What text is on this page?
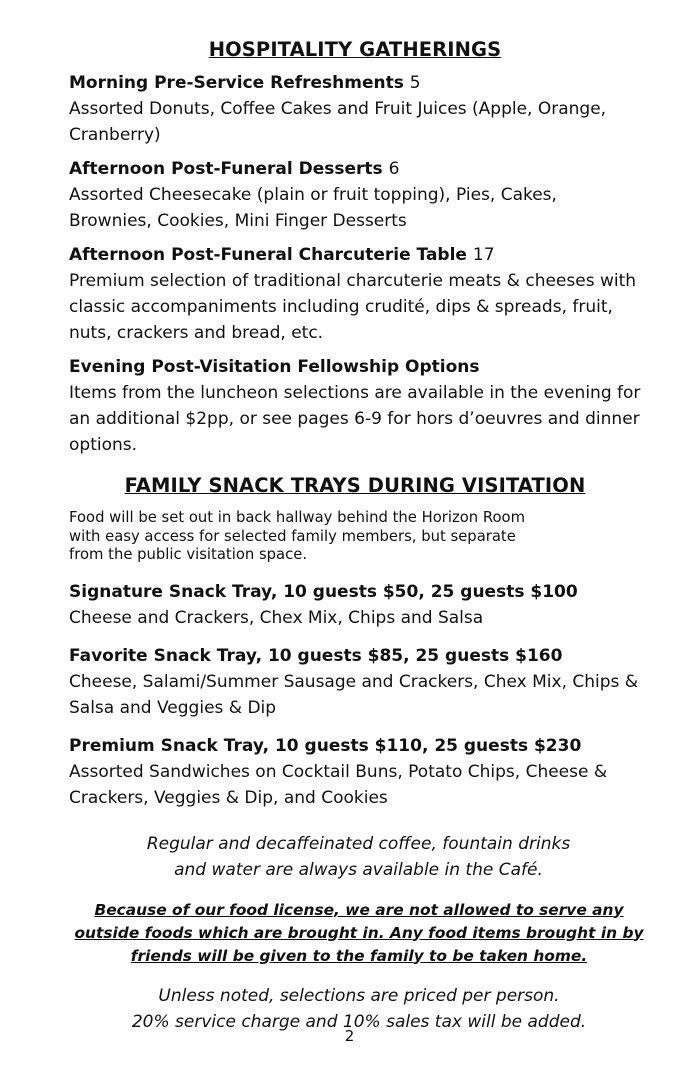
HOSPITALITY GATHERINGS
Morning Pre-Service Refreshments 5
Assorted Donuts, Coffee Cakes and Fruit Juices (Apple, Orange, Cranberry)
Afternoon Post-Funeral Desserts 6
Assorted Cheesecake (plain or fruit topping), Pies, Cakes, Brownies, Cookies, Mini Finger Desserts
Afternoon Post-Funeral Charcuterie Table 17
Premium selection of traditional charcuterie meats & cheeses with classic accompaniments including crudité, dips & spreads, fruit, nuts, crackers and bread, etc.
Evening Post-Visitation Fellowship Options
Items from the luncheon selections are available in the evening for an additional $2pp, or see pages 6-9 for hors d’oeuvres and dinner options.
FAMILY SNACK TRAYS DURING VISITATION
Food will be set out in back hallway behind the Horizon Room
with easy access for selected family members, but separate
from the public visitation space.
Signature Snack Tray, 10 guests $50, 25 guests $100
Cheese and Crackers, Chex Mix, Chips and Salsa
Favorite Snack Tray, 10 guests $85, 25 guests $160
Cheese, Salami/Summer Sausage and Crackers, Chex Mix, Chips & Salsa and Veggies & Dip
Premium Snack Tray, 10 guests $110, 25 guests $230
Assorted Sandwiches on Cocktail Buns, Potato Chips, Cheese & Crackers, Veggies & Dip, and Cookies
Regular and decaffeinated coffee, fountain drinks
and water are always available in the Café.
Because of our food license, we are not allowed to serve any
outside foods which are brought in. Any food items brought in by
friends will be given to the family to be taken home.
Unless noted, selections are priced per person.
20% service charge and 10% sales tax will be added.
2
